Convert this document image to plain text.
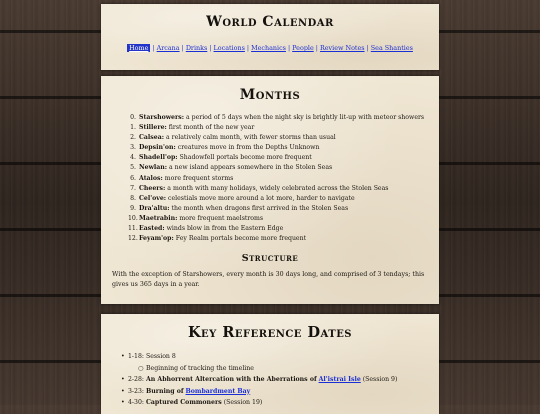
World Calendar
Home | Arcana | Drinks | Locations | Mechanics | People | Review Notes | Sea Shanties
Months
0. Starshowers: a period of 5 days when the night sky is brightly lit-up with meteor showers
1. Stillere: first month of the new year
2. Calsea: a relatively calm month, with fewer storms than usual
3. Depsin'on: creatures move in from the Depths Unknown
4. Shadell'op: Shadowfell portals become more frequent
5. Newlan: a new island appears somewhere in the Stolen Seas
6. Atalos: more frequent storms
7. Cheers: a month with many holidays, widely celebrated across the Stolen Seas
8. Cel'ove: celestials move more around a lot more, harder to navigate
9. Dra'altu: the month when dragons first arrived in the Stolen Seas
10.Maetrabin: more frequent maelstroms
11.Easted: winds blow in from the Eastern Edge
12.Feyam'op: Fey Realm portals become more frequent
Structure
With the exception of Starshowers, every month is 30 days long, and comprised of 3 tendays; this gives us 365 days in a year.
Key Reference Dates
• 1-18: Session 8
○ Beginning of tracking the timeline
• 2-28: An Abhorrent Altercation with the Aberrations of Al'istrai Isle (Session 9)
• 3-23: Burning of Bombardment Bay
• 4-30: Captured Commoners (Session 19)
